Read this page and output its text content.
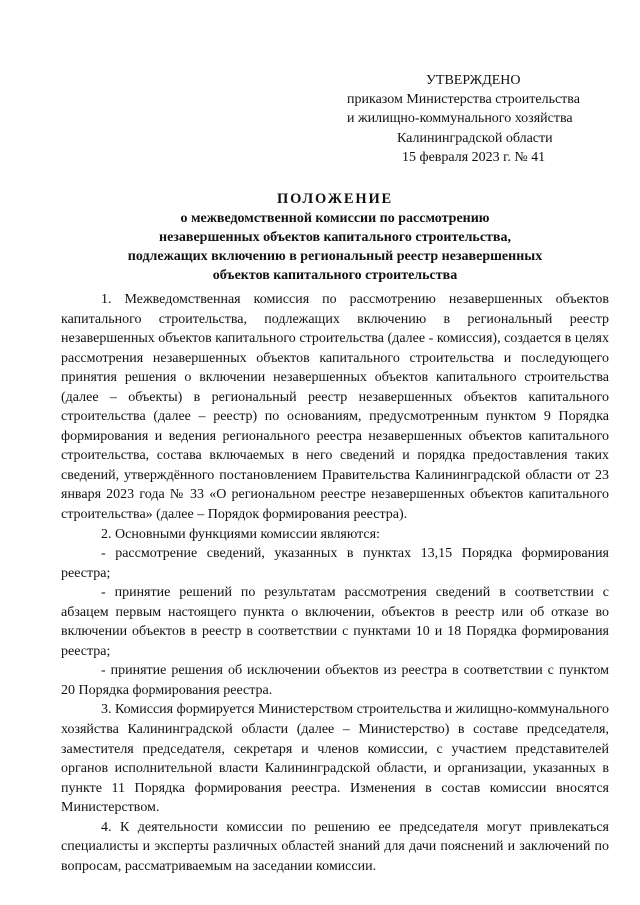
УТВЕРЖДЕНО
приказом Министерства строительства
и жилищно-коммунального хозяйства
Калининградской области
15 февраля 2023 г. № 41
ПОЛОЖЕНИЕ
о межведомственной комиссии по рассмотрению
незавершенных объектов капитального строительства,
подлежащих включению в региональный реестр незавершенных
объектов капитального строительства

1. Межведомственная комиссия по рассмотрению незавершенных объектов капитального строительства, подлежащих включению в региональный реестр незавершенных объектов капитального строительства (далее - комиссия), создается в целях рассмотрения незавершенных объектов капитального строительства и последующего принятия решения о включении незавершенных объектов капитального строительства (далее – объекты) в региональный реестр незавершенных объектов капитального строительства (далее – реестр) по основаниям, предусмотренным пунктом 9 Порядка формирования и ведения регионального реестра незавершенных объектов капитального строительства, состава включаемых в него сведений и порядка предоставления таких сведений, утверждённого постановлением Правительства Калининградской области от 23 января 2023 года № 33 «О региональном реестре незавершенных объектов капитального строительства» (далее – Порядок формирования реестра).

2. Основными функциями комиссии являются:

- рассмотрение сведений, указанных в пунктах 13,15 Порядка формирования реестра;

- принятие решений по результатам рассмотрения сведений в соответствии с абзацем первым настоящего пункта о включении, объектов в реестр или об отказе во включении объектов в реестр в соответствии с пунктами 10 и 18 Порядка формирования реестра;

- принятие решения об исключении объектов из реестра в соответствии с пунктом 20 Порядка формирования реестра.

3. Комиссия формируется Министерством строительства и жилищно-коммунального хозяйства Калининградской области (далее – Министерство) в составе председателя, заместителя председателя, секретаря и членов комиссии, с участием представителей органов исполнительной власти Калининградской области, и организации, указанных в пункте 11 Порядка формирования реестра. Изменения в состав комиссии вносятся Министерством.

4. К деятельности комиссии по решению ее председателя могут привлекаться специалисты и эксперты различных областей знаний для дачи пояснений и заключений по вопросам, рассматриваемым на заседании комиссии.
